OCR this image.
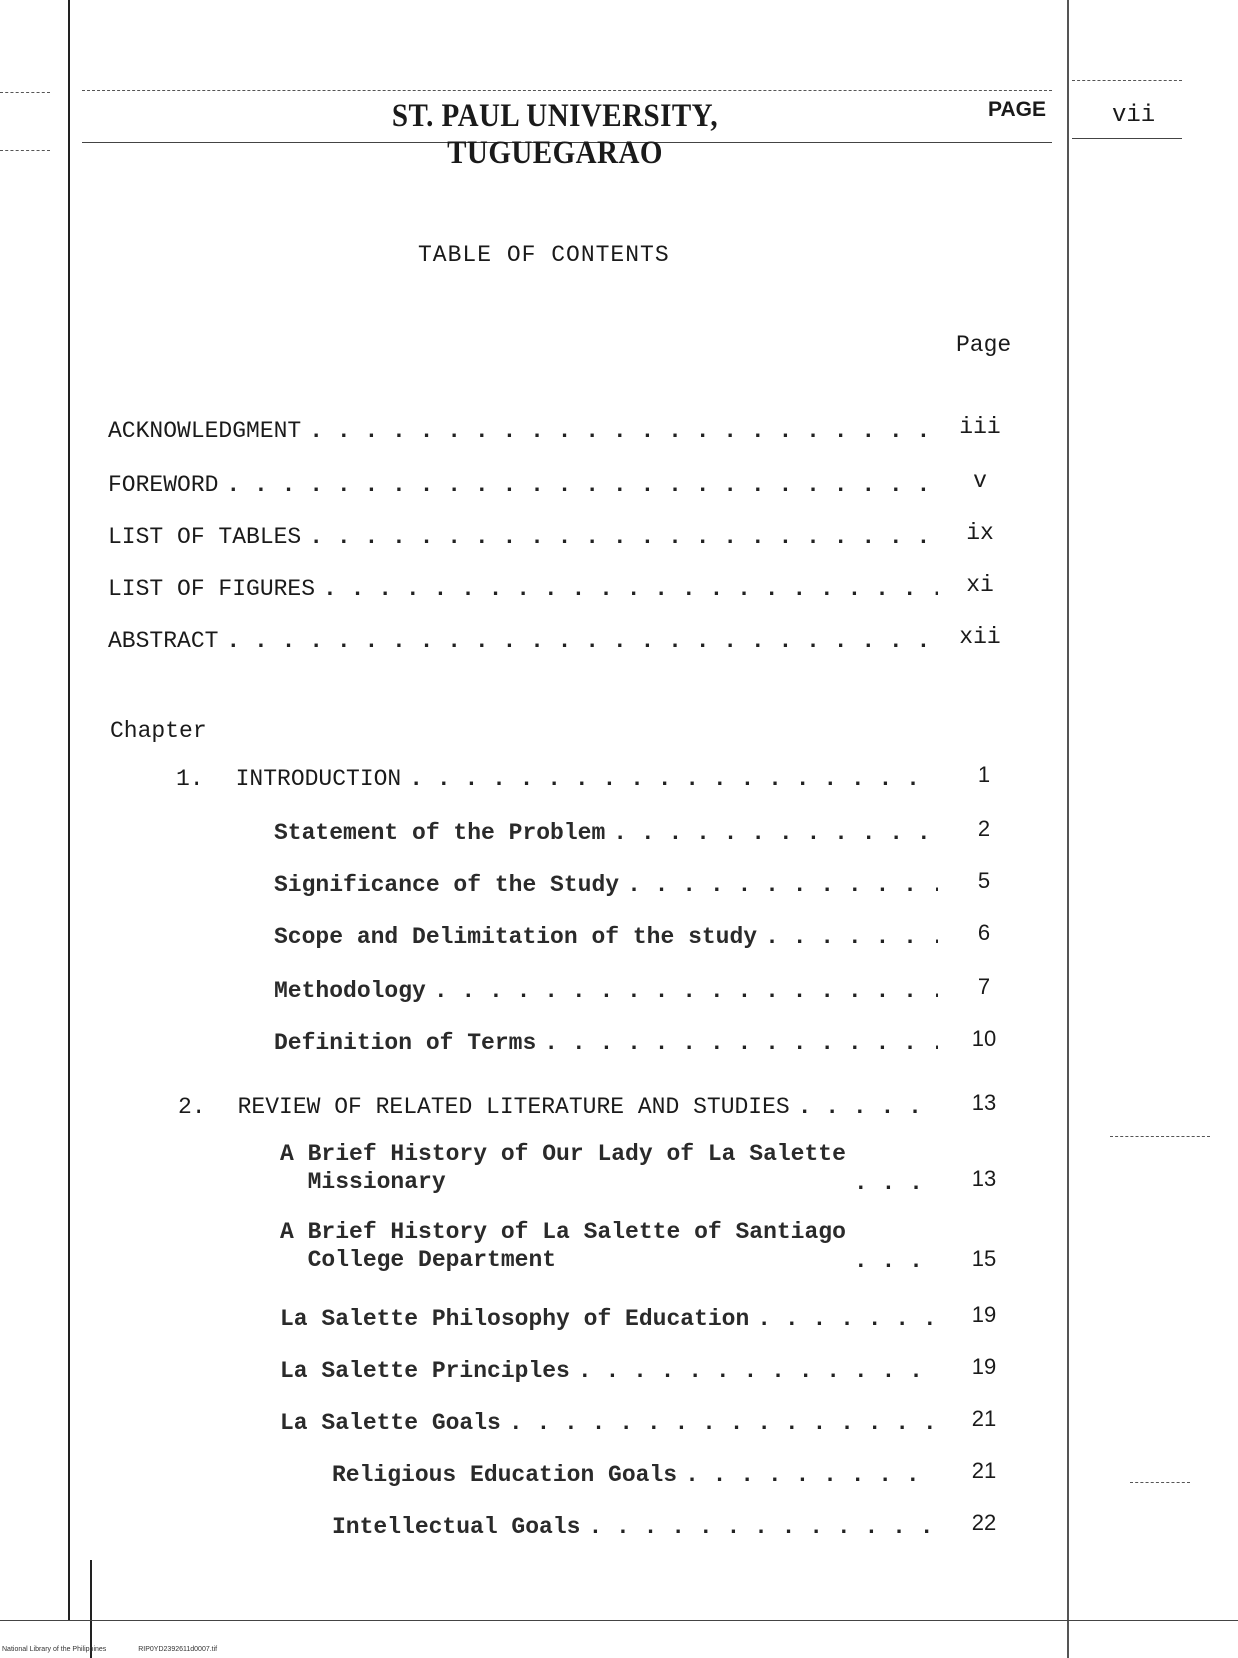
ST. PAUL UNIVERSITY, TUGUEGARAO
PAGE	vii
TABLE OF CONTENTS
Page
ACKNOWLEDGMENT . . .	iii
FOREWORD . . .	v
LIST OF TABLES . . .	ix
LIST OF FIGURES . . .	xi
ABSTRACT . . .	xii
Chapter
1. INTRODUCTION . . .	1
Statement of the Problem . . .	2
Significance of the Study . . .	5
Scope and Delimitation of the study . . .	6
Methodology . . .	7
Definition of Terms . . .	10
2. REVIEW OF RELATED LITERATURE AND STUDIES . . .	13
A Brief History of Our Lady of La Salette
Missionary . . .	13
A Brief History of La Salette of Santiago
College Department . . .	15
La Salette Philosophy of Education . . .	19
La Salette Principles . . .	19
La Salette Goals . . .	21
Religious Education Goals . . .	21
Intellectual Goals . . .	22
National Library of the Philippines	RIP0YD2392611d0007.tif
